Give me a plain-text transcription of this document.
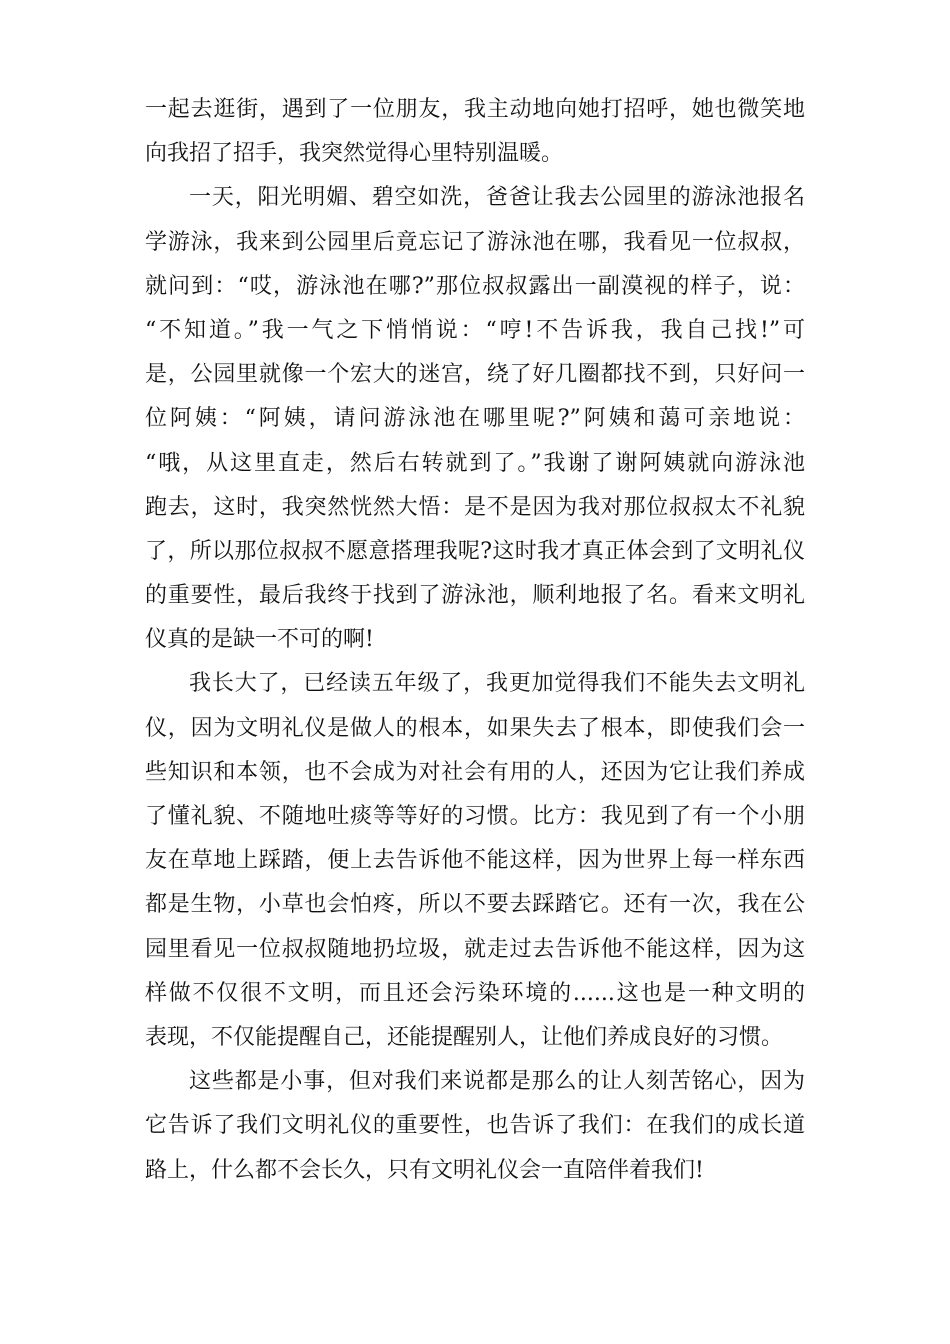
一起去逛街，遇到了一位朋友，我主动地向她打招呼，她也微笑地
向我招了招手，我突然觉得心里特别温暖。
一天，阳光明媚、碧空如洗，爸爸让我去公园里的游泳池报名
学游泳，我来到公园里后竟忘记了游泳池在哪，我看见一位叔叔，
就问到：“哎，游泳池在哪?”那位叔叔露出一副漠视的样子，说：
“不知道。”我一气之下悄悄说：“哼!不告诉我，我自己找!”可
是，公园里就像一个宏大的迷宫，绕了好几圈都找不到，只好问一
位阿姨：“阿姨，请问游泳池在哪里呢?”阿姨和蔼可亲地说：
“哦，从这里直走，然后右转就到了。”我谢了谢阿姨就向游泳池
跑去，这时，我突然恍然大悟：是不是因为我对那位叔叔太不礼貌
了，所以那位叔叔不愿意搭理我呢?这时我才真正体会到了文明礼仪
的重要性，最后我终于找到了游泳池，顺利地报了名。看来文明礼
仪真的是缺一不可的啊!
我长大了，已经读五年级了，我更加觉得我们不能失去文明礼
仪，因为文明礼仪是做人的根本，如果失去了根本，即使我们会一
些知识和本领，也不会成为对社会有用的人，还因为它让我们养成
了懂礼貌、不随地吐痰等等好的习惯。比方：我见到了有一个小朋
友在草地上踩踏，便上去告诉他不能这样，因为世界上每一样东西
都是生物，小草也会怕疼，所以不要去踩踏它。还有一次，我在公
园里看见一位叔叔随地扔垃圾，就走过去告诉他不能这样，因为这
样做不仅很不文明，而且还会污染环境的......这也是一种文明的
表现，不仅能提醒自己，还能提醒别人，让他们养成良好的习惯。
这些都是小事，但对我们来说都是那么的让人刻苦铭心，因为
它告诉了我们文明礼仪的重要性，也告诉了我们：在我们的成长道
路上，什么都不会长久，只有文明礼仪会一直陪伴着我们!
